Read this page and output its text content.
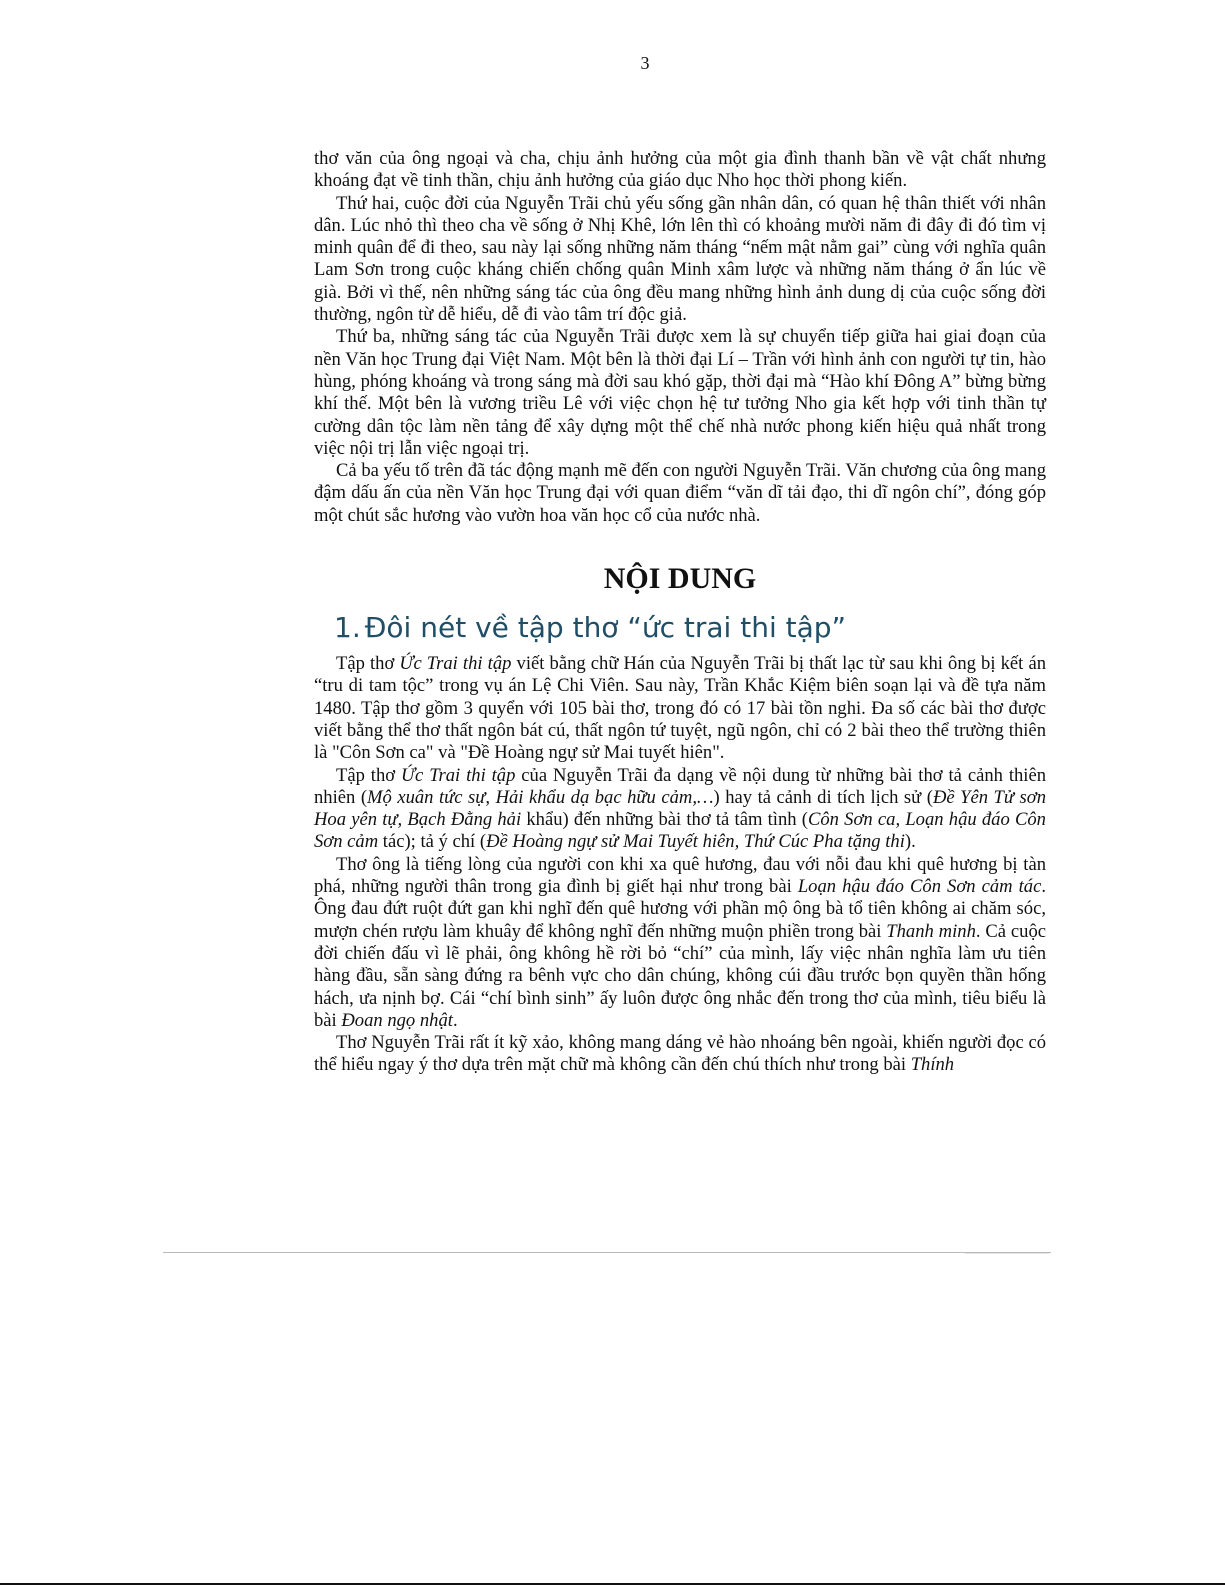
3

thơ văn của ông ngoại và cha, chịu ảnh hưởng của một gia đình thanh bần về vật chất nhưng khoáng đạt về tinh thần, chịu ảnh hưởng của giáo dục Nho học thời phong kiến.

Thứ hai, cuộc đời của Nguyễn Trãi chủ yếu sống gần nhân dân, có quan hệ thân thiết với nhân dân. Lúc nhỏ thì theo cha về sống ở Nhị Khê, lớn lên thì có khoảng mười năm đi đây đi đó tìm vị minh quân để đi theo, sau này lại sống những năm tháng “nếm mật nằm gai” cùng với nghĩa quân Lam Sơn trong cuộc kháng chiến chống quân Minh xâm lược và những năm tháng ở ẩn lúc về già. Bởi vì thế, nên những sáng tác của ông đều mang những hình ảnh dung dị của cuộc sống đời thường, ngôn từ dễ hiểu, dễ đi vào tâm trí độc giả.

Thứ ba, những sáng tác của Nguyễn Trãi được xem là sự chuyển tiếp giữa hai giai đoạn của nền Văn học Trung đại Việt Nam. Một bên là thời đại Lí – Trần với hình ảnh con người tự tin, hào hùng, phóng khoáng và trong sáng mà đời sau khó gặp, thời đại mà “Hào khí Đông A” bừng bừng khí thế. Một bên là vương triều Lê với việc chọn hệ tư tưởng Nho gia kết hợp với tinh thần tự cường dân tộc làm nền tảng để xây dựng một thể chế nhà nước phong kiến hiệu quả nhất trong việc nội trị lẫn việc ngoại trị.

Cả ba yếu tố trên đã tác động mạnh mẽ đến con người Nguyễn Trãi. Văn chương của ông mang đậm dấu ấn của nền Văn học Trung đại với quan điểm “văn dĩ tải đạo, thi dĩ ngôn chí”, đóng góp một chút sắc hương vào vườn hoa văn học cổ của nước nhà.

NỘI DUNG
1. Đôi nét về tập thơ “ức trai thi tập”

Tập thơ Ức Trai thi tập viết bằng chữ Hán của Nguyễn Trãi bị thất lạc từ sau khi ông bị kết án “tru di tam tộc” trong vụ án Lệ Chi Viên. Sau này, Trần Khắc Kiệm biên soạn lại và đề tựa năm 1480. Tập thơ gồm 3 quyển với 105 bài thơ, trong đó có 17 bài tồn nghi. Đa số các bài thơ được viết bằng thể thơ thất ngôn bát cú, thất ngôn tứ tuyệt, ngũ ngôn, chỉ có 2 bài theo thể trường thiên là "Côn Sơn ca" và "Đề Hoàng ngự sử Mai tuyết hiên".

Tập thơ Ức Trai thi tập của Nguyễn Trãi đa dạng về nội dung từ những bài thơ tả cảnh thiên nhiên (Mộ xuân tức sự, Hải khẩu dạ bạc hữu cảm,…) hay tả cảnh di tích lịch sử (Đề Yên Tử sơn Hoa yên tự, Bạch Đằng hải khẩu) đến những bài thơ tả tâm tình (Côn Sơn ca, Loạn hậu đáo Côn Sơn cảm tác); tả ý chí (Đề Hoàng ngự sử Mai Tuyết hiên, Thứ Cúc Pha tặng thi).

Thơ ông là tiếng lòng của người con khi xa quê hương, đau với nỗi đau khi quê hương bị tàn phá, những người thân trong gia đình bị giết hại như trong bài Loạn hậu đáo Côn Sơn cảm tác. Ông đau đứt ruột đứt gan khi nghĩ đến quê hương với phần mộ ông bà tổ tiên không ai chăm sóc, mượn chén rượu làm khuây để không nghĩ đến những muộn phiền trong bài Thanh minh. Cả cuộc đời chiến đấu vì lẽ phải, ông không hề rời bỏ “chí” của mình, lấy việc nhân nghĩa làm ưu tiên hàng đầu, sẵn sàng đứng ra bênh vực cho dân chúng, không cúi đầu trước bọn quyền thần hống hách, ưa nịnh bợ. Cái “chí bình sinh” ấy luôn được ông nhắc đến trong thơ của mình, tiêu biểu là bài Đoan ngọ nhật.

Thơ Nguyễn Trãi rất ít kỹ xảo, không mang dáng vẻ hào nhoáng bên ngoài, khiến người đọc có thể hiểu ngay ý thơ dựa trên mặt chữ mà không cần đến chú thích như trong bài Thính
